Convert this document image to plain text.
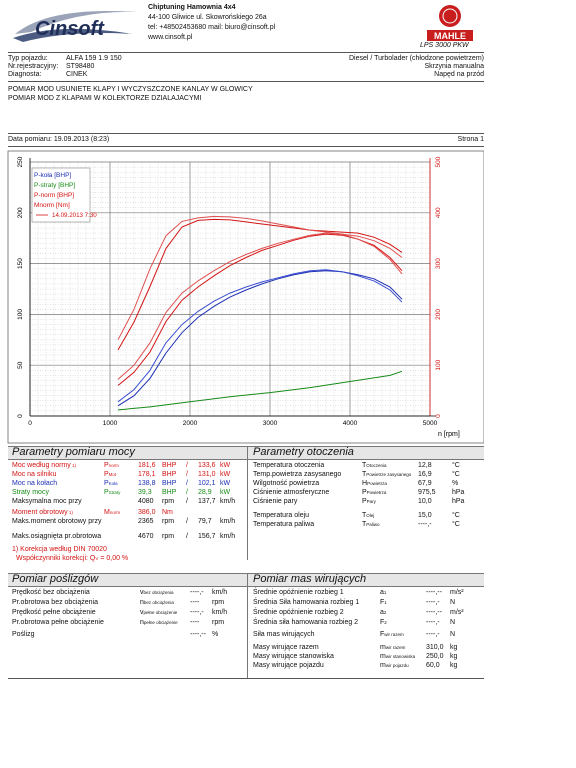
Cinsoft
Chiptuning Hamownia 4x4
44-100 Gliwice ul. Skowrońskiego 26a
tel: +48502453680 mail: biuro@cinsoft.pl
www.cinsoft.pl	MAHLE
LPS 3000 PKW
Typ pojazdu:	ALFA 159 1.9 150
Nr.rejestracyjny: ST98480
Diagnosta:	CINEK
Diesel / Turbolader (chłodzone powietrzem)
Skrzynia manualna
Napęd na przód
POMIAR MOD USUNIETE KLAPY I WYCZYSZCZONE KANLAY W GLOWICY
POMIAR MOD Z KLAPAMI W KOLEKTORZE DZIALAJACYMI
Data pomiaru: 19.09.2013 (8:23)	Strona 1
0	1000	2000	3000	4000	5000
0
50
100
150
200
250
0
100
200
300
400
500
P-koła [BHP]
P-straty [BHP]
P-norm [BHP]
Mnorm [Nm]
14.09.2013 7:30
n [rpm]
Parametry pomiaru mocy	Parametry otoczenia
Moc według normy 1)	Pnorm	181,6 BHP / 133,6 kW
Moc na silniku	PMot	178,1 BHP / 131,0 kW
Moc na kołach	PKoła	138,8 BHP / 102,1 kW
Straty mocy	PStraty	39,3 BHP / 28,9 kW
Maksymalna moc przy	4080 rpm / 137,7 km/h
Moment obrotowy 1)	Mnorm	386,0 Nm
Maks.moment obrotowy przy	2365 rpm / 79,7 km/h
Maks.osiągnięta pr.obrotowa	4670 rpm / 156,7 km/h
1) Korekcja według DIN 70020
Współczynniki korekcji: QV = 0,00 %
Temperatura otoczenia	TOtoczenia	12,8	°C
Temp.powietrza zasysanego	TPowietrze zasysanego 16,9	°C
Wilgotność powietrza	HPowietrza	67,9	%
Ciśnienie atmosferyczne	PPowietrza	975,5 hPa
Ciśnienie pary	PPary	10,0	hPa
Temperatura oleju	TOlej	15,0	°C
Temperatura paliwa	TPaliwo	----,-	°C
Pomiar poślizgów	Pomiar mas wirujących
Prędkość bez obciążenia	vbez obciążenia ----,- km/h
Pr.obrotowa bez obciążenia	nbez obciążenia ---- rpm
Prędkość pełne obciążenie	vpełne obciążenie ----,- km/h
Pr.obrotowa pełne obciążenie	npełne obciążenie ---- rpm
Poślizg	----,-- %
Średnie opóźnienie rozbieg 1	a1	----,-- m/s²
Średnia Siła hamowania rozbieg 1	F1	----,- N
Średnie opóźnienie rozbieg 2	a2	----,-- m/s²
Średnia siła hamowania rozbieg 2	F2	----,- N
Masy wirujące razem	mwir razem	310,0 kg
Masy wirujące stanowiska	mwir stanowiska 250,0 kg
Masy wirujące pojazdu	mwir pojazdu 60,0 kg
Siła mas wirujących	Fwir razem	----,- N
